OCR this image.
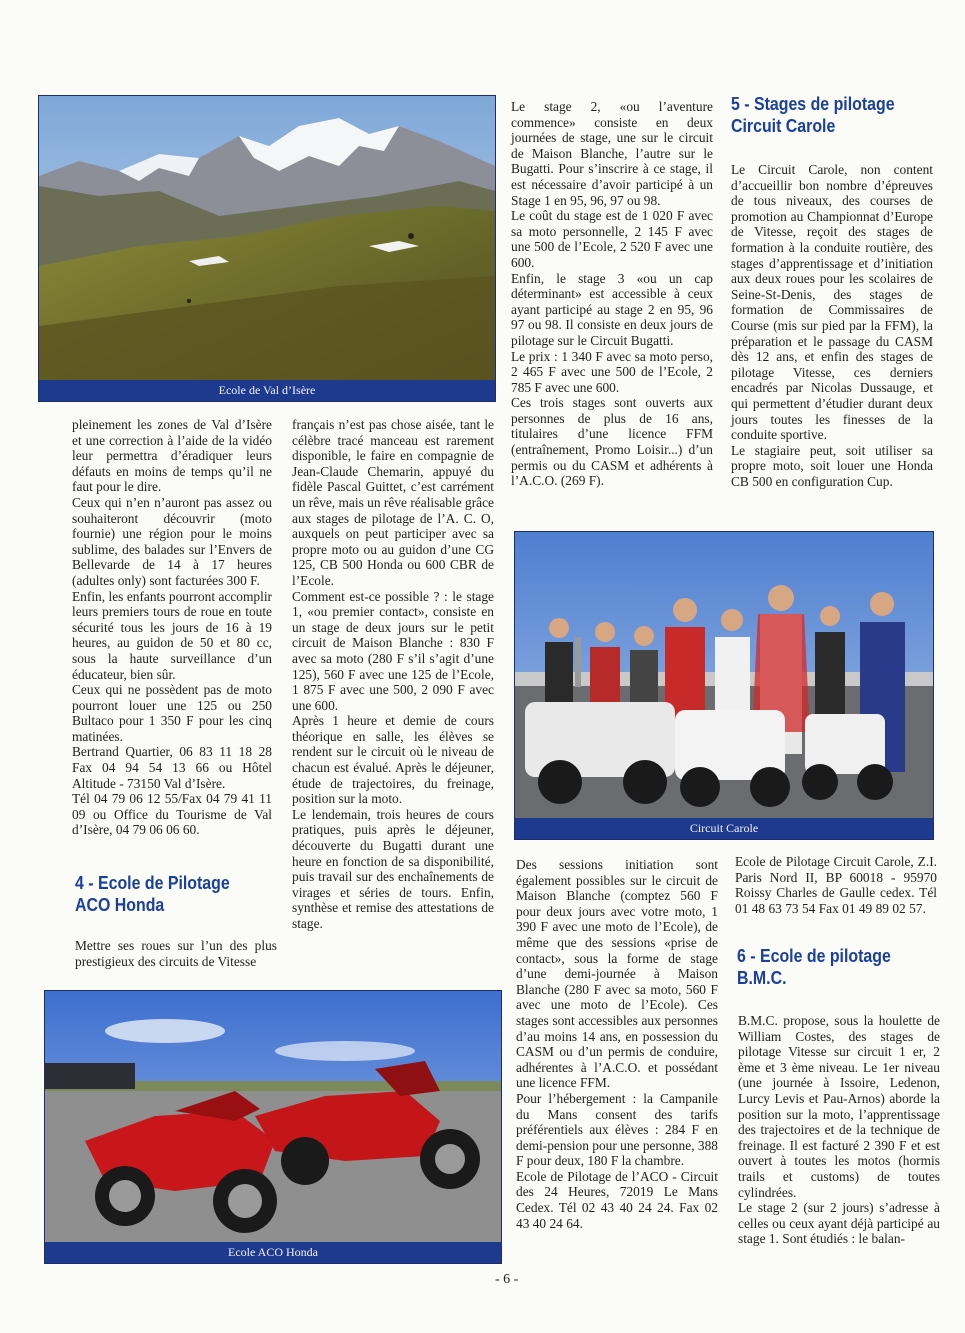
Ecole de Val d’Isère

pleinement les zones de Val d’Isère et une correction à l’aide de la vidéo leur permettra d’éradiquer leurs défauts en moins de temps qu’il ne faut pour le dire.

Ceux qui n’en n’auront pas assez ou souhaiteront découvrir (moto fournie) une région pour le moins sublime, des balades sur l’Envers de Bellevarde de 14 à 17 heures (adultes only) sont facturées 300 F.

Enfin, les enfants pourront accomplir leurs premiers tours de roue en toute sécurité tous les jours de 16 à 19 heures, au guidon de 50 et 80 cc, sous la haute surveillance d’un éducateur, bien sûr.

Ceux qui ne possèdent pas de moto pourront louer une 125 ou 250 Bultaco pour 1 350 F pour les cinq matinées.

Bertrand Quartier, 06 83 11 18 28 Fax 04 94 54 13 66 ou Hôtel Altitude - 73150 Val d’Isère.

Tél 04 79 06 12 55/Fax 04 79 41 11 09 ou Office du Tourisme de Val d’Isère, 04 79 06 06 60.

4 - Ecole de Pilotage
ACO Honda

Mettre ses roues sur l’un des plus prestigieux des circuits de Vitesse

français n’est pas chose aisée, tant le célèbre tracé manceau est rarement disponible, le faire en compagnie de Jean-Claude Chemarin, appuyé du fidèle Pascal Guittet, c’est carrément un rêve, mais un rêve réalisable grâce aux stages de pilotage de l’A. C. O, auxquels on peut participer avec sa propre moto ou au guidon d’une CG 125, CB 500 Honda ou 600 CBR de l’Ecole.

Comment est-ce possible ? : le stage 1, «ou premier contact», consiste en un stage de deux jours sur le petit circuit de Maison Blanche : 830 F avec sa moto (280 F s’il s’agit d’une 125), 560 F avec une 125 de l’Ecole, 1 875 F avec une 500, 2 090 F avec une 600.

Après 1 heure et demie de cours théorique en salle, les élèves se rendent sur le circuit où le niveau de chacun est évalué. Après le déjeuner, étude de trajectoires, du freinage, position sur la moto.

Le lendemain, trois heures de cours pratiques, puis après le déjeuner, découverte du Bugatti durant une heure en fonction de sa disponibilité, puis travail sur des enchaînements de virages et séries de tours. Enfin, synthèse et remise des attestations de stage.

Le stage 2, «ou l’aventure commence» consiste en deux journées de stage, une sur le circuit de Maison Blanche, l’autre sur le Bugatti. Pour s’inscrire à ce stage, il est nécessaire d’avoir participé à un Stage 1 en 95, 96, 97 ou 98.

Le coût du stage est de 1 020 F avec sa moto personnelle, 2 145 F avec une 500 de l’Ecole, 2 520 F avec une 600.

Enfin, le stage 3 «ou un cap déterminant» est accessible à ceux ayant participé au stage 2 en 95, 96 97 ou 98. Il consiste en deux jours de pilotage sur le Circuit Bugatti.

Le prix : 1 340 F avec sa moto perso, 2 465 F avec une 500 de l’Ecole, 2 785 F avec une 600.

Ces trois stages sont ouverts aux personnes de plus de 16 ans, titulaires d’une licence FFM (entraînement, Promo Loisir...) d’un permis ou du CASM et adhérents à l’A.C.O. (269 F).

5 - Stages de pilotage
Circuit Carole

Le Circuit Carole, non content d’accueillir bon nombre d’épreuves de tous niveaux, des courses de promotion au Championnat d’Europe de Vitesse, reçoit des stages de formation à la conduite routière, des stages d’apprentissage et d’initiation aux deux roues pour les scolaires de Seine-St-Denis, des stages de formation de Commissaires de Course (mis sur pied par la FFM), la préparation et le passage du CASM dès 12 ans, et enfin des stages de pilotage Vitesse, ces derniers encadrés par Nicolas Dussauge, et qui permettent d’étudier durant deux jours toutes les finesses de la conduite sportive.

Le stagiaire peut, soit utiliser sa propre moto, soit louer une Honda CB 500 en configuration Cup.

Circuit Carole

Des sessions initiation sont également possibles sur le circuit de Maison Blanche (comptez 560 F pour deux jours avec votre moto, 1 390 F avec une moto de l’Ecole), de même que des sessions «prise de contact», sous la forme de stage d’une demi-journée à Maison Blanche (280 F avec sa moto, 560 F avec une moto de l’Ecole). Ces stages sont accessibles aux personnes d’au moins 14 ans, en possession du CASM ou d’un permis de conduire, adhérentes à l’A.C.O. et possédant une licence FFM.

Pour l’hébergement : la Campanile du Mans consent des tarifs préférentiels aux élèves : 284 F en demi-pension pour une personne, 388 F pour deux, 180 F la chambre.

Ecole de Pilotage de l’ACO - Circuit des 24 Heures, 72019 Le Mans Cedex. Tél 02 43 40 24 24. Fax 02 43 40 24 64.

Ecole de Pilotage Circuit Carole, Z.I. Paris Nord II, BP 60018 - 95970 Roissy Charles de Gaulle cedex. Tél 01 48 63 73 54 Fax 01 49 89 02 57.

6 - Ecole de pilotage
B.M.C.

B.M.C. propose, sous la houlette de William Costes, des stages de pilotage Vitesse sur circuit 1 er, 2 ème et 3 ème niveau. Le 1er niveau (une journée à Issoire, Ledenon, Lurcy Levis et Pau-Arnos) aborde la position sur la moto, l’apprentissage des trajectoires et de la technique de freinage. Il est facturé 2 390 F et est ouvert à toutes les motos (hormis trails et customs) de toutes cylindrées.

Le stage 2 (sur 2 jours) s’adresse à celles ou ceux ayant déjà participé au stage 1. Sont étudiés : le balan-

Ecole ACO Honda
- 6 -
